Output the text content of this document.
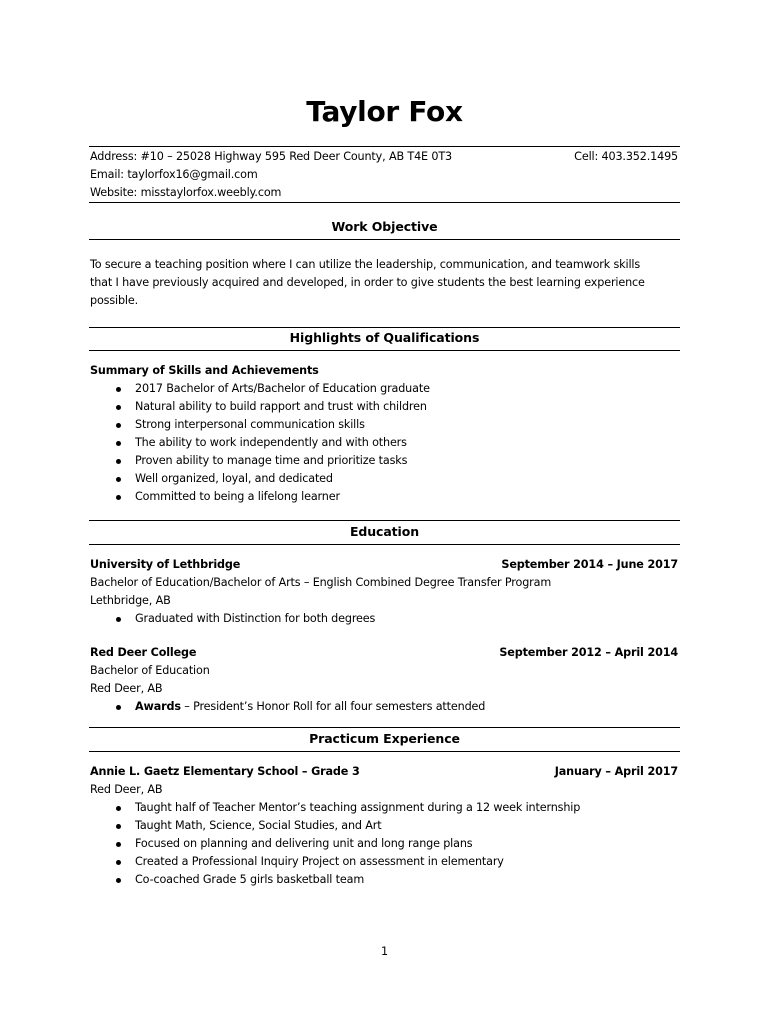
Taylor Fox
Address: #10 – 25028 Highway 595 Red Deer County, AB T4E 0T3	Cell: 403.352.1495
Email: taylorfox16@gmail.com
Website: misstaylorfox.weebly.com
Work Objective
To secure a teaching position where I can utilize the leadership, communication, and teamwork skills
that I have previously acquired and developed, in order to give students the best learning experience
possible.
Highlights of Qualifications
Summary of Skills and Achievements
2017 Bachelor of Arts/Bachelor of Education graduate
Natural ability to build rapport and trust with children
Strong interpersonal communication skills
The ability to work independently and with others
Proven ability to manage time and prioritize tasks
Well organized, loyal, and dedicated
Committed to being a lifelong learner
Education
University of Lethbridge	September 2014 – June 2017
Bachelor of Education/Bachelor of Arts – English Combined Degree Transfer Program
Lethbridge, AB
Graduated with Distinction for both degrees
Red Deer College	September 2012 – April 2014
Bachelor of Education
Red Deer, AB
Awards – President’s Honor Roll for all four semesters attended
Practicum Experience
Annie L. Gaetz Elementary School – Grade 3	January – April 2017
Red Deer, AB
Taught half of Teacher Mentor’s teaching assignment during a 12 week internship
Taught Math, Science, Social Studies, and Art
Focused on planning and delivering unit and long range plans
Created a Professional Inquiry Project on assessment in elementary
Co-coached Grade 5 girls basketball team
1
